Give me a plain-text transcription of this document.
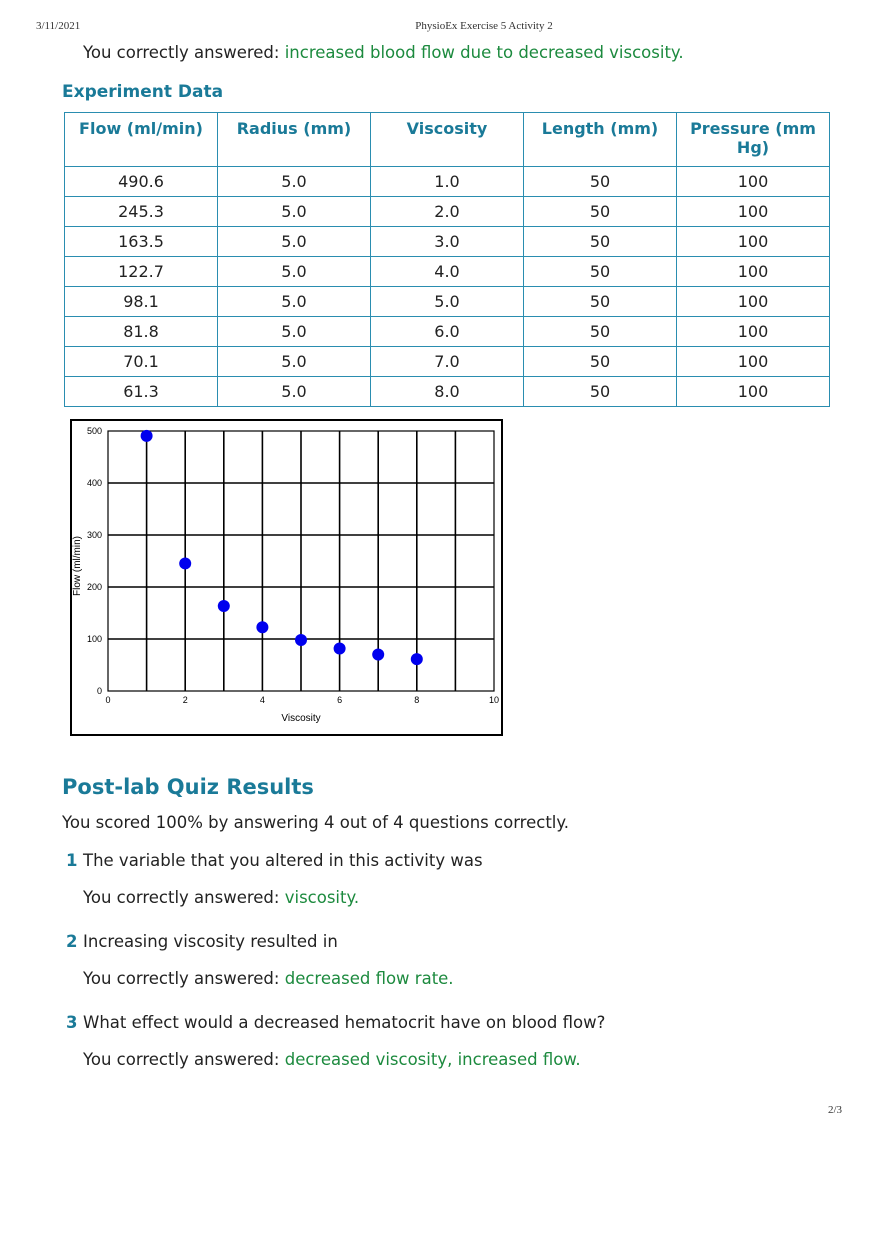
3/11/2021	PhysioEx Exercise 5 Activity 2
You correctly answered: increased blood flow due to decreased viscosity.
Experiment Data
Flow (ml/min)	Radius (mm)	Viscosity	Length (mm)	Pressure (mm Hg)
490.6	5.0	1.0	50	100
245.3	5.0	2.0	50	100
163.5	5.0	3.0	50	100
122.7	5.0	4.0	50	100
98.1	5.0	5.0	50	100
81.8	5.0	6.0	50	100
70.1	5.0	7.0	50	100
61.3	5.0	8.0	50	100
0
100
200
300
400
500
0	2	4	6	8	10
Viscosity
Flow (ml/min)
Post-lab Quiz Results
You scored 100% by answering 4 out of 4 questions correctly.
1 The variable that you altered in this activity was
You correctly answered: viscosity.
2 Increasing viscosity resulted in
You correctly answered: decreased flow rate.
3 What effect would a decreased hematocrit have on blood flow?
You correctly answered: decreased viscosity, increased flow.
2/3
